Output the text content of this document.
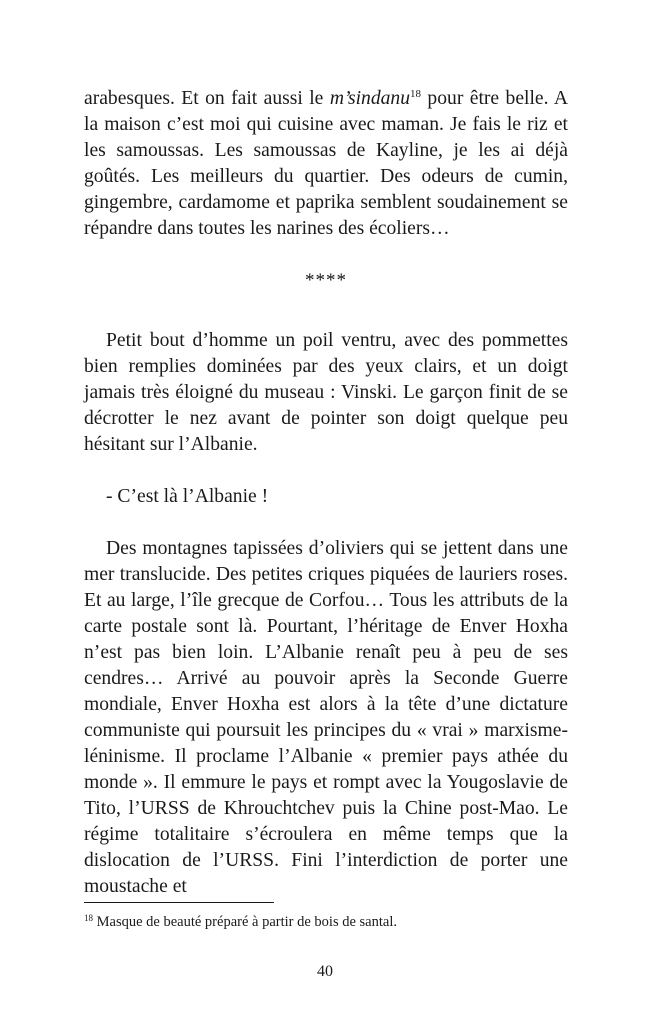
arabesques. Et on fait aussi le m’sindanu$^{18}$ pour être belle. A la maison c’est moi qui cuisine avec maman. Je fais le riz et les samoussas. Les samoussas de Kayline, je les ai déjà goûtés. Les meilleurs du quartier. Des odeurs de cumin, gingembre, cardamome et paprika semblent soudainement se répandre dans toutes les narines des écoliers…

****

Petit bout d’homme un poil ventru, avec des pommettes bien remplies dominées par des yeux clairs, et un doigt jamais très éloigné du museau : Vinski. Le garçon finit de se décrotter le nez avant de pointer son doigt quelque peu hésitant sur l’Albanie.

- C’est là l’Albanie !

Des montagnes tapissées d’oliviers qui se jettent dans une mer translucide. Des petites criques piquées de lauriers roses. Et au large, l’île grecque de Corfou… Tous les attributs de la carte postale sont là. Pourtant, l’héritage de Enver Hoxha n’est pas bien loin. L’Albanie renaît peu à peu de ses cendres… Arrivé au pouvoir après la Seconde Guerre mondiale, Enver Hoxha est alors à la tête d’une dictature communiste qui poursuit les principes du « vrai » marxisme-léninisme. Il proclame l’Albanie « premier pays athée du monde ». Il emmure le pays et rompt avec la Yougoslavie de Tito, l’URSS de Khrouchtchev puis la Chine post-Mao. Le régime totalitaire s’écroulera en même temps que la dislocation de l’URSS. Fini l’interdiction de porter une moustache et

$^{18}$ Masque de beauté préparé à partir de bois de santal.
40
